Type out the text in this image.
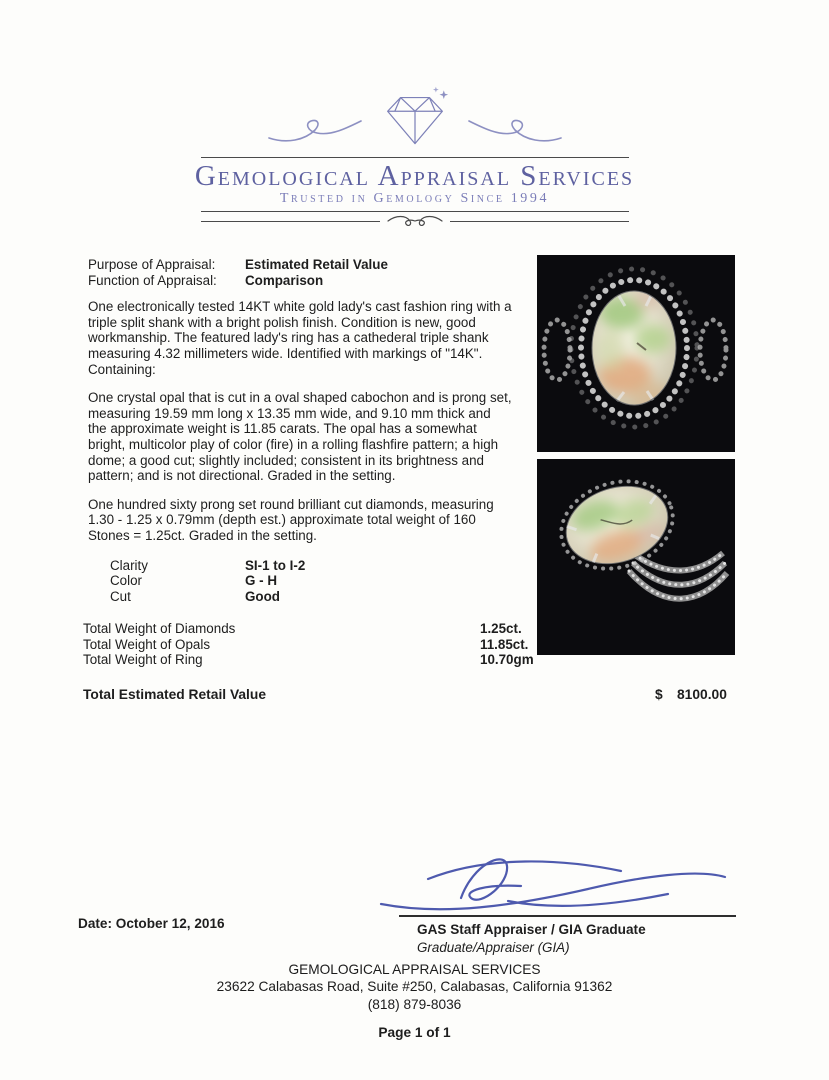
Gemological Appraisal Services
Trusted in Gemology Since 1994
Purpose of Appraisal:	Estimated Retail Value
Function of Appraisal:	Comparison

One electronically tested 14KT white gold lady's cast fashion ring with a triple split shank with a bright polish finish. Condition is new, good workmanship. The featured lady's ring has a cathederal triple shank measuring 4.32 millimeters wide. Identified with markings of "14K". Containing:

One crystal opal that is cut in a oval shaped cabochon and is prong set, measuring 19.59 mm long x 13.35 mm wide, and 9.10 mm thick and the approximate weight is 11.85 carats. The opal has a somewhat bright, multicolor play of color (fire) in a rolling flashfire pattern; a high dome; a good cut; slightly included; consistent in its brightness and pattern; and is not directional. Graded in the setting.

One hundred sixty prong set round brilliant cut diamonds, measuring 1.30 - 1.25 x 0.79mm (depth est.) approximate total weight of 160 Stones = 1.25ct. Graded in the setting.

Clarity	SI-1 to I-2
Color	G - H
Cut	Good
Total Weight of Diamonds	1.25ct.
Total Weight of Opals	11.85ct.
Total Weight of Ring	10.70gm
Total Estimated Retail Value	$ 8100.00
Date: October 12, 2016	GAS Staff Appraiser / GIA Graduate
Graduate/Appraiser (GIA)
GEMOLOGICAL APPRAISAL SERVICES
23622 Calabasas Road, Suite #250, Calabasas, California 91362
(818) 879-8036
Page 1 of 1
